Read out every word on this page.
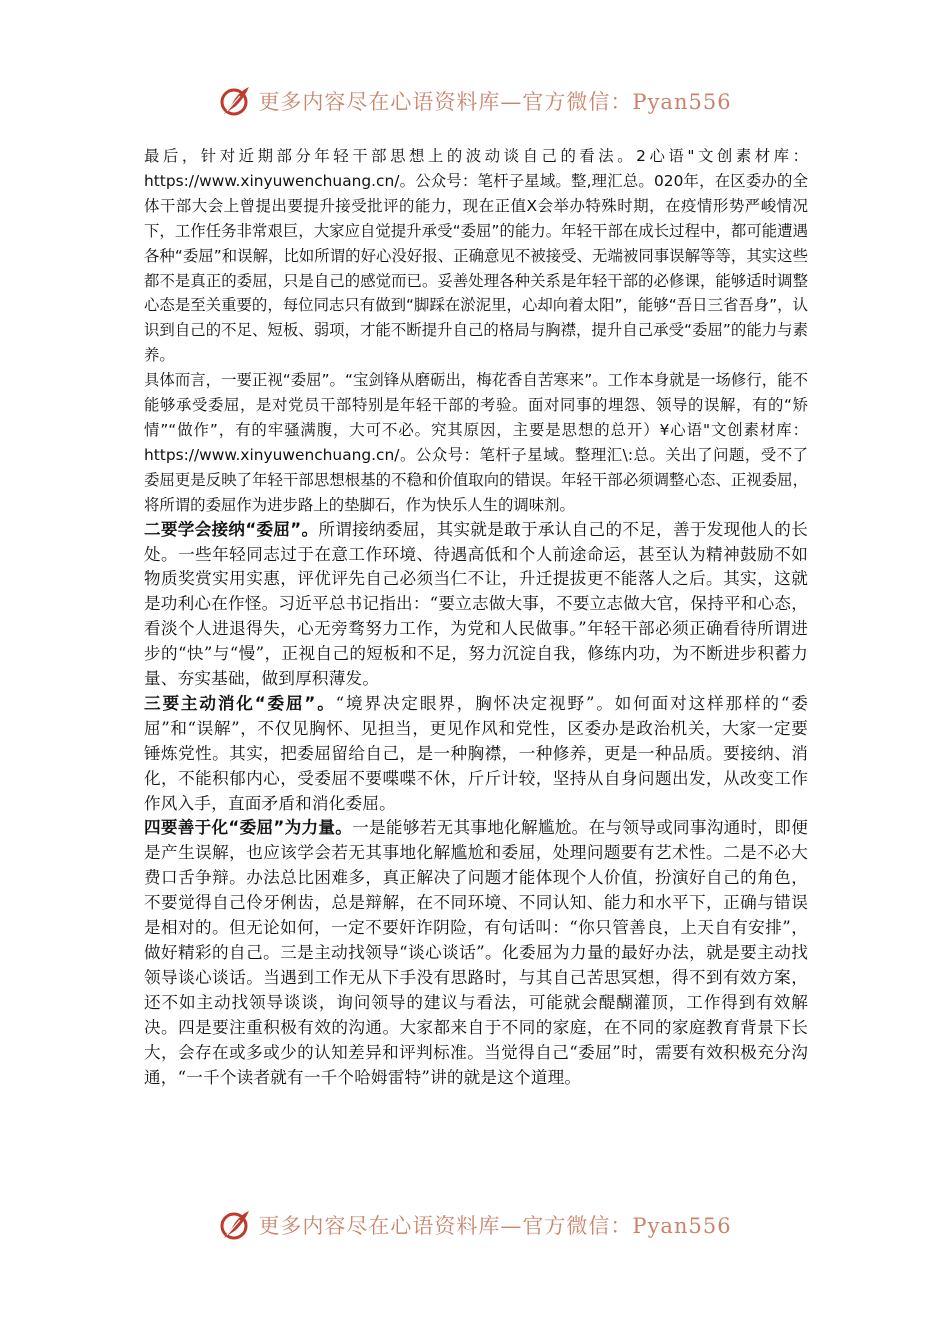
更多内容尽在心语资料库—官方微信：Pyan556

最后，针对近期部分年轻干部思想上的波动谈自己的看法。2心语"文创素材库：https://www.xinyuwenchuang.cn/。公众号：笔杆子星域。整,理汇总。020年，在区委办的全体干部大会上曾提出要提升接受批评的能力，现在正值X会举办特殊时期，在疫情形势严峻情况下，工作任务非常艰巨，大家应自觉提升承受“委屈”的能力。年轻干部在成长过程中，都可能遭遇各种“委屈”和误解，比如所谓的好心没好报、正确意见不被接受、无端被同事误解等等，其实这些都不是真正的委屈，只是自己的感觉而已。妥善处理各种关系是年轻干部的必修课，能够适时调整心态是至关重要的，每位同志只有做到“脚踩在淤泥里，心却向着太阳”，能够“吾日三省吾身”，认识到自己的不足、短板、弱项，才能不断提升自己的格局与胸襟，提升自己承受“委屈”的能力与素养。

具体而言，一要正视“委屈”。“宝剑锋从磨砺出，梅花香自苦寒来”。工作本身就是一场修行，能不能够承受委屈，是对党员干部特别是年轻干部的考验。面对同事的埋怨、领导的误解，有的“矫情”“做作”，有的牢骚满腹，大可不必。究其原因，主要是思想的总开）¥心语"文创素材库：https://www.xinyuwenchuang.cn/。公众号：笔杆子星域。整理汇\:总。关出了问题，受不了委屈更是反映了年轻干部思想根基的不稳和价值取向的错误。年轻干部必须调整心态、正视委屈，将所谓的委屈作为进步路上的垫脚石，作为快乐人生的调味剂。

二要学会接纳“委屈”。所谓接纳委屈，其实就是敢于承认自己的不足，善于发现他人的长处。一些年轻同志过于在意工作环境、待遇高低和个人前途命运，甚至认为精神鼓励不如物质奖赏实用实惠，评优评先自己必须当仁不让，升迁提拔更不能落人之后。其实，这就是功利心在作怪。习近平总书记指出：“要立志做大事，不要立志做大官，保持平和心态，看淡个人进退得失，心无旁骛努力工作，为党和人民做事。”年轻干部必须正确看待所谓进步的“快”与“慢”，正视自己的短板和不足，努力沉淀自我，修练内功，为不断进步积蓄力量、夯实基础，做到厚积薄发。

三要主动消化“委屈”。“境界决定眼界，胸怀决定视野”。如何面对这样那样的“委屈”和“误解”，不仅见胸怀、见担当，更见作风和党性，区委办是政治机关，大家一定要锤炼党性。其实，把委屈留给自己，是一种胸襟，一种修养，更是一种品质。要接纳、消化，不能积郁内心，受委屈不要喋喋不休，斤斤计较，坚持从自身问题出发，从改变工作作风入手，直面矛盾和消化委屈。

四要善于化“委屈”为力量。一是能够若无其事地化解尴尬。在与领导或同事沟通时，即便是产生误解，也应该学会若无其事地化解尴尬和委屈，处理问题要有艺术性。二是不必大费口舌争辩。办法总比困难多，真正解决了问题才能体现个人价值，扮演好自己的角色，不要觉得自己伶牙俐齿，总是辩解，在不同环境、不同认知、能力和水平下，正确与错误是相对的。但无论如何，一定不要奸诈阴险，有句话叫：“你只管善良，上天自有安排”，做好精彩的自己。三是主动找领导“谈心谈话”。化委屈为力量的最好办法，就是要主动找领导谈心谈话。当遇到工作无从下手没有思路时，与其自己苦思冥想，得不到有效方案，还不如主动找领导谈谈，询问领导的建议与看法，可能就会醍醐灌顶，工作得到有效解决。四是要注重积极有效的沟通。大家都来自于不同的家庭，在不同的家庭教育背景下长大，会存在或多或少的认知差异和评判标准。当觉得自己“委屈”时，需要有效积极充分沟通，“一千个读者就有一千个哈姆雷特”讲的就是这个道理。

更多内容尽在心语资料库—官方微信：Pyan556
